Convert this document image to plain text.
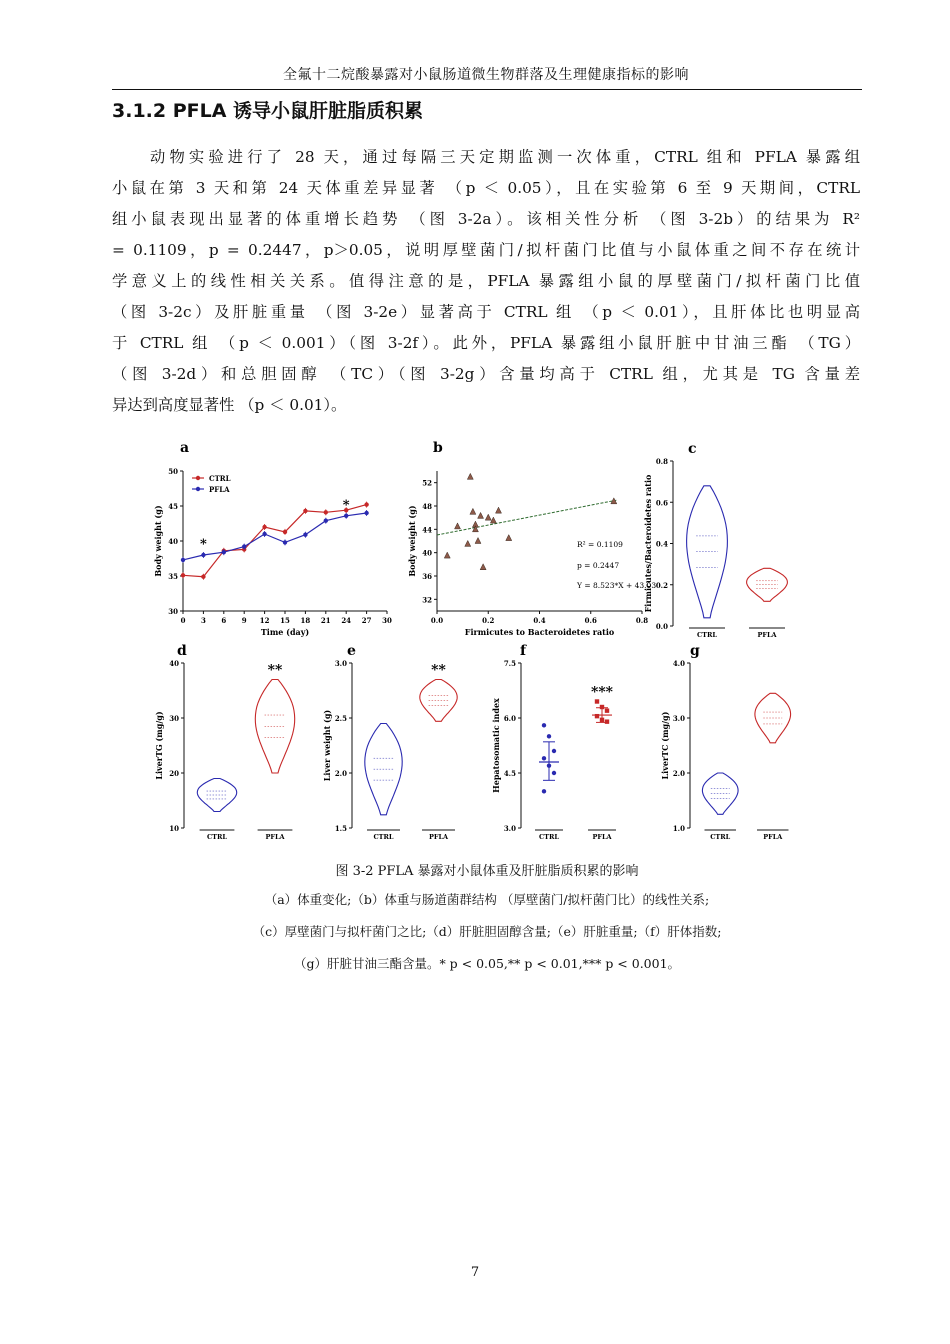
全氟十二烷酸暴露对小鼠肠道微生物群落及生理健康指标的影响
3.1.2 PFLA 诱导小鼠肝脏脂质积累
动物实验进行了 28 天，通过每隔三天定期监测一次体重，CTRL 组和 PFLA 暴露组
小鼠在第 3 天和第 24 天体重差异显著 （p ＜ 0.05），且在实验第 6 至 9 天期间，CTRL
组小鼠表现出显著的体重增长趋势 （图 3-2a）。该相关性分析 （图 3-2b）的结果为 R²
= 0.1109，p = 0.2447，p＞0.05，说明厚壁菌门/拟杆菌门比值与小鼠体重之间不存在统计
学意义上的线性相关关系。值得注意的是，PFLA 暴露组小鼠的厚壁菌门/拟杆菌门比值
（图 3-2c）及肝脏重量 （图 3-2e）显著高于 CTRL 组 （p ＜ 0.01），且肝体比也明显高
于 CTRL 组 （p ＜ 0.001）（图 3-2f）。此外，PFLA 暴露组小鼠肝脏中甘油三酯 （TG）
（图 3-2d）和总胆固醇 （TC）（图 3-2g）含量均高于 CTRL 组，尤其是 TG 含量差
异达到高度显著性 （p ＜ 0.01）。
a
30
35
40
45
50
Body weight (g)
0 3 6 9 12 15 18 21 24 27 30
Time (day)
CTRL
PFLA
*
*
b
32
36
40
44
48
52
Body weight (g)
0.0	0.2	0.4	0.6	0.8
Firmicutes to Bacteroidetes ratio
R² = 0.1109
p = 0.2447
Y = 8.523*X + 43.03
c
0.0
0.2
0.4
0.6
0.8
Firmicutes/Bacteroidetes ratio
CTRL	PFLA
d
10
20
30
40
LiverTG (mg/g)
CTRL	PFLA
**
e
1.5
2.0
2.5
3.0
Liver weight (g)
CTRL	PFLA
**
g
1.0
2.0
3.0
4.0
LiverTC (mg/g)
CTRL	PFLA
f
3.0
4.5
6.0
7.5
Hepatosomatic index
CTRL	PFLA
***
图 3-2 PFLA 暴露对小鼠体重及肝脏脂质积累的影响
（a）体重变化;（b）体重与肠道菌群结构 （厚壁菌门/拟杆菌门比）的线性关系;
（c）厚壁菌门与拟杆菌门之比;（d）肝脏胆固醇含量;（e）肝脏重量;（f）肝体指数;
（g）肝脏甘油三酯含量。* p < 0.05,** p < 0.01,*** p < 0.001。
7
